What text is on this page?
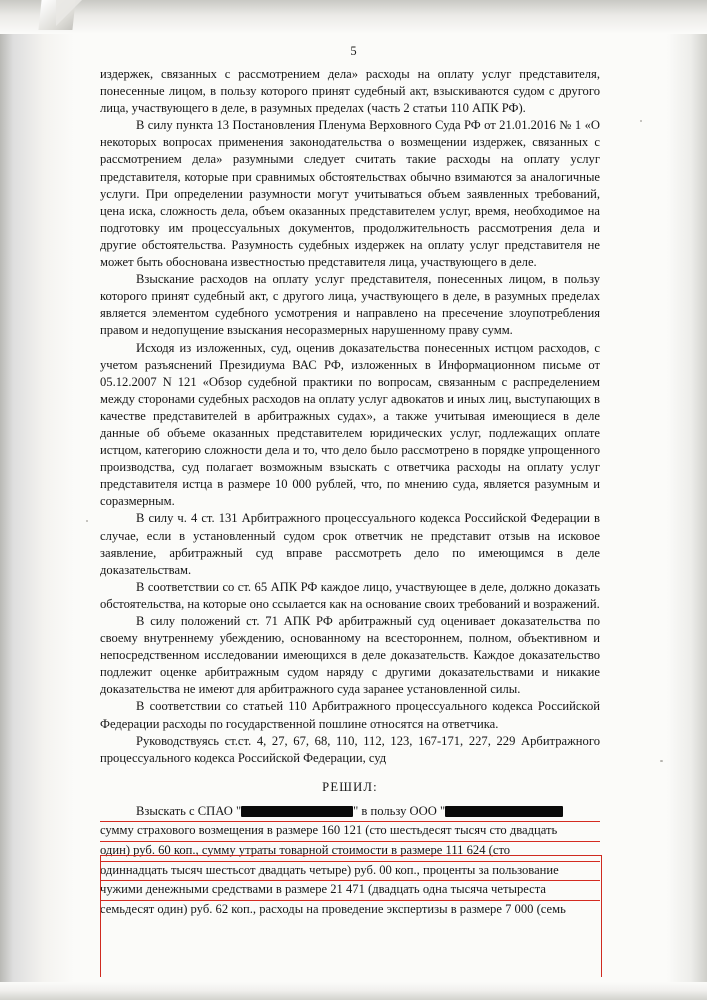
5

издержек, связанных с рассмотрением дела» расходы на оплату услуг представителя, понесенные лицом, в пользу которого принят судебный акт, взыскиваются судом с другого лица, участвующего в деле, в разумных пределах (часть 2 статьи 110 АПК РФ).

В силу пункта 13 Постановления Пленума Верховного Суда РФ от 21.01.2016 № 1 «О некоторых вопросах применения законодательства о возмещении издержек, связанных с рассмотрением дела» разумными следует считать такие расходы на оплату услуг представителя, которые при сравнимых обстоятельствах обычно взимаются за аналогичные услуги. При определении разумности могут учитываться объем заявленных требований, цена иска, сложность дела, объем оказанных представителем услуг, время, необходимое на подготовку им процессуальных документов, продолжительность рассмотрения дела и другие обстоятельства. Разумность судебных издержек на оплату услуг представителя не может быть обоснована известностью представителя лица, участвующего в деле.

Взыскание расходов на оплату услуг представителя, понесенных лицом, в пользу которого принят судебный акт, с другого лица, участвующего в деле, в разумных пределах является элементом судебного усмотрения и направлено на пресечение злоупотребления правом и недопущение взыскания несоразмерных нарушенному праву сумм.

Исходя из изложенных, суд, оценив доказательства понесенных истцом расходов, с учетом разъяснений Президиума ВАС РФ, изложенных в Информационном письме от 05.12.2007 N 121 «Обзор судебной практики по вопросам, связанным с распределением между сторонами судебных расходов на оплату услуг адвокатов и иных лиц, выступающих в качестве представителей в арбитражных судах», а также учитывая имеющиеся в деле данные об объеме оказанных представителем юридических услуг, подлежащих оплате истцом, категорию сложности дела и то, что дело было рассмотрено в порядке упрощенного производства, суд полагает возможным взыскать с ответчика расходы на оплату услуг представителя истца в размере 10 000 рублей, что, по мнению суда, является разумным и соразмерным.

В силу ч. 4 ст. 131 Арбитражного процессуального кодекса Российской Федерации в случае, если в установленный судом срок ответчик не представит отзыв на исковое заявление, арбитражный суд вправе рассмотреть дело по имеющимся в деле доказательствам.

В соответствии со ст. 65 АПК РФ каждое лицо, участвующее в деле, должно доказать обстоятельства, на которые оно ссылается как на основание своих требований и возражений.

В силу положений ст. 71 АПК РФ арбитражный суд оценивает доказательства по своему внутреннему убеждению, основанному на всестороннем, полном, объективном и непосредственном исследовании имеющихся в деле доказательств. Каждое доказательство подлежит оценке арбитражным судом наряду с другими доказательствами и никакие доказательства не имеют для арбитражного суда заранее установленной силы.

В соответствии со статьей 110 Арбитражного процессуального кодекса Российской Федерации расходы по государственной пошлине относятся на ответчика.

Руководствуясь ст.ст. 4, 27, 67, 68, 110, 112, 123, 167-171, 227, 229 Арбитражного процессуального кодекса Российской Федерации, суд

РЕШИЛ:

Взыскать с СПАО "	" в пользу ООО "

сумму страхового возмещения в размере 160 121 (сто шестьдесят тысяч сто двадцать

один) руб. 60 коп., сумму утраты товарной стоимости в размере 111 624 (сто

одиннадцать тысяч шестьсот двадцать четыре) руб. 00 коп., проценты за пользование

чужими денежными средствами в размере 21 471 (двадцать одна тысяча четыреста

семьдесят один) руб. 62 коп., расходы на проведение экспертизы в размере 7 000 (семь
